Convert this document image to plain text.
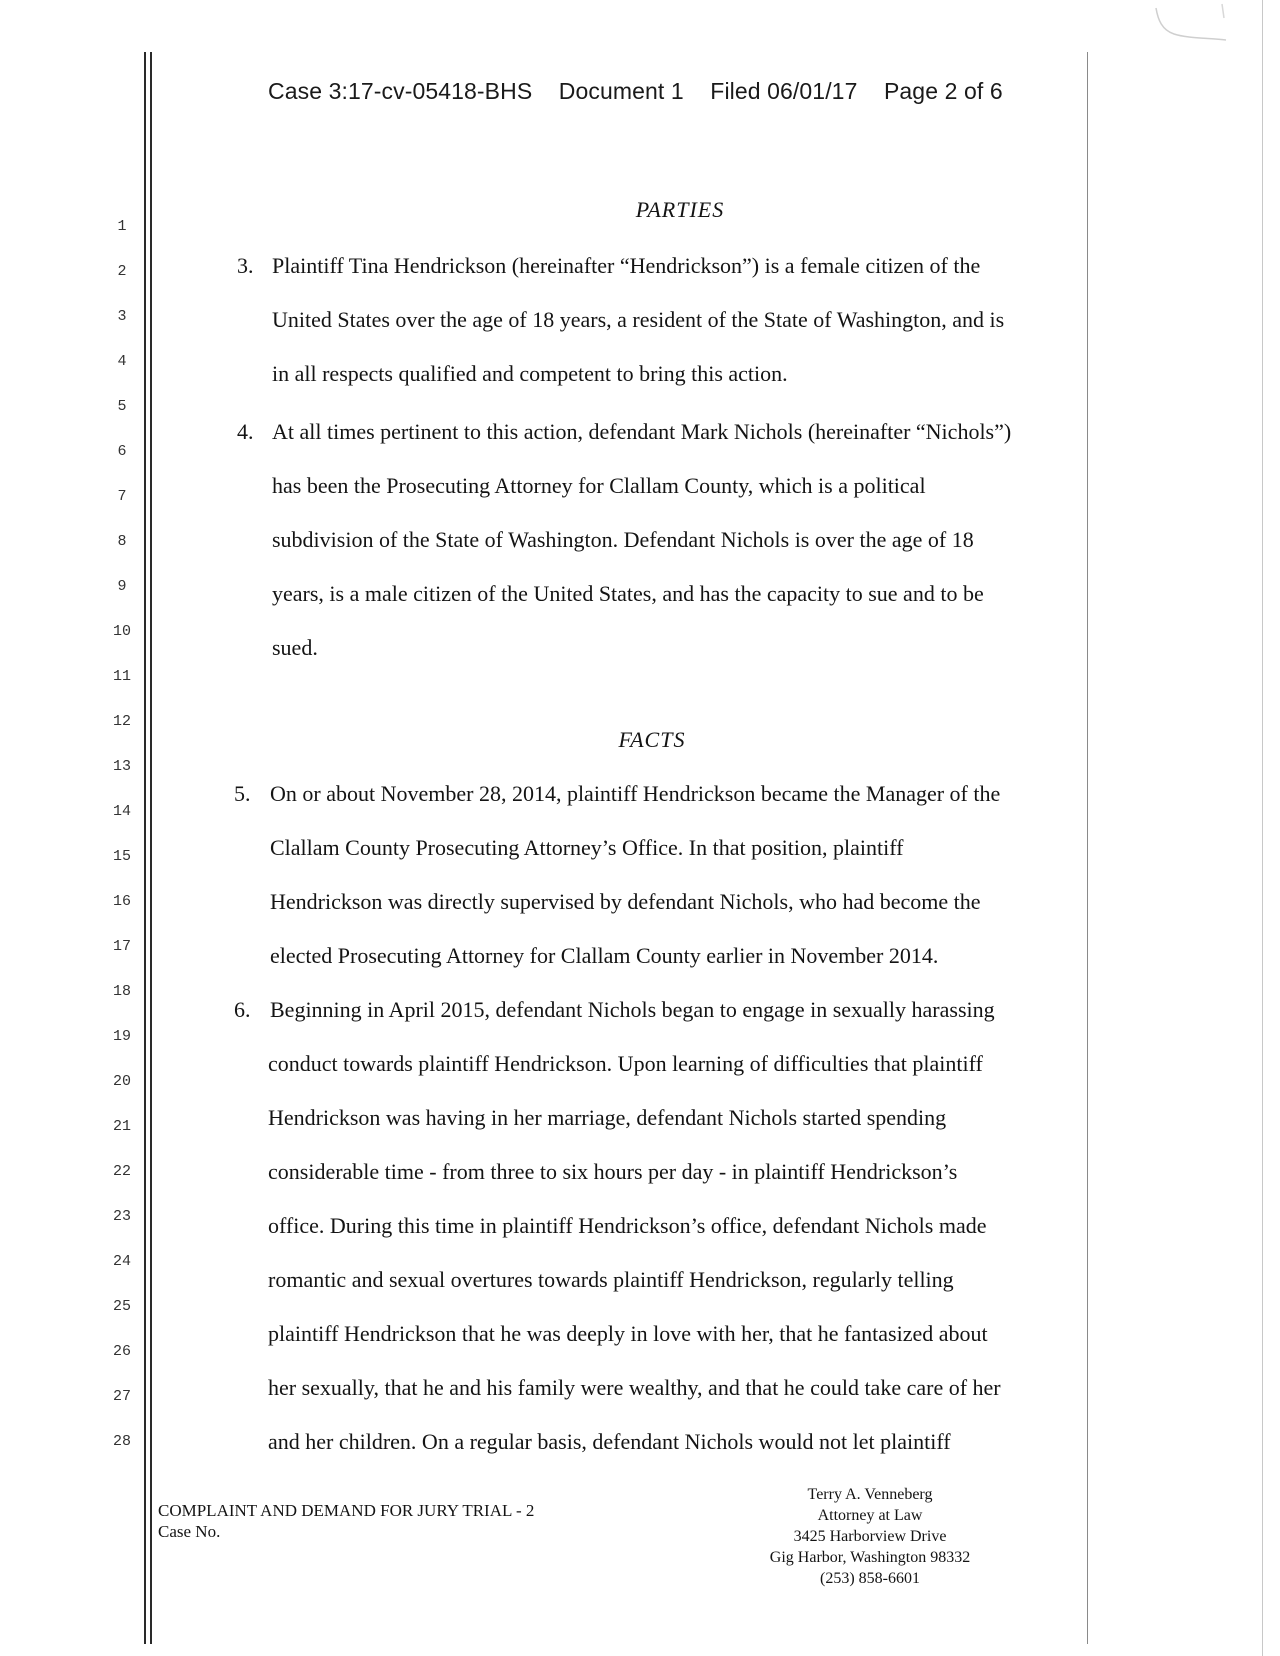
Case 3:17-cv-05418-BHS Document 1 Filed 06/01/17 Page 2 of 6
1
2
3
4
5
6
7
8
9
10
11
12
13
14
15
16
17
18
19
20
21
22
23
24
25
26
27
28
PARTIES
3. Plaintiff Tina Hendrickson (hereinafter “Hendrickson”) is a female citizen of the
United States over the age of 18 years, a resident of the State of Washington, and is
in all respects qualified and competent to bring this action.
4. At all times pertinent to this action, defendant Mark Nichols (hereinafter “Nichols”)
has been the Prosecuting Attorney for Clallam County, which is a political
subdivision of the State of Washington. Defendant Nichols is over the age of 18
years, is a male citizen of the United States, and has the capacity to sue and to be
sued.
FACTS
5. On or about November 28, 2014, plaintiff Hendrickson became the Manager of the
Clallam County Prosecuting Attorney’s Office. In that position, plaintiff
Hendrickson was directly supervised by defendant Nichols, who had become the
elected Prosecuting Attorney for Clallam County earlier in November 2014.
6. Beginning in April 2015, defendant Nichols began to engage in sexually harassing
conduct towards plaintiff Hendrickson. Upon learning of difficulties that plaintiff
Hendrickson was having in her marriage, defendant Nichols started spending
considerable time - from three to six hours per day - in plaintiff Hendrickson’s
office. During this time in plaintiff Hendrickson’s office, defendant Nichols made
romantic and sexual overtures towards plaintiff Hendrickson, regularly telling
plaintiff Hendrickson that he was deeply in love with her, that he fantasized about
her sexually, that he and his family were wealthy, and that he could take care of her
and her children. On a regular basis, defendant Nichols would not let plaintiff
COMPLAINT AND DEMAND FOR JURY TRIAL - 2
Case No.
Terry A. Venneberg
Attorney at Law
3425 Harborview Drive
Gig Harbor, Washington 98332
(253) 858-6601
